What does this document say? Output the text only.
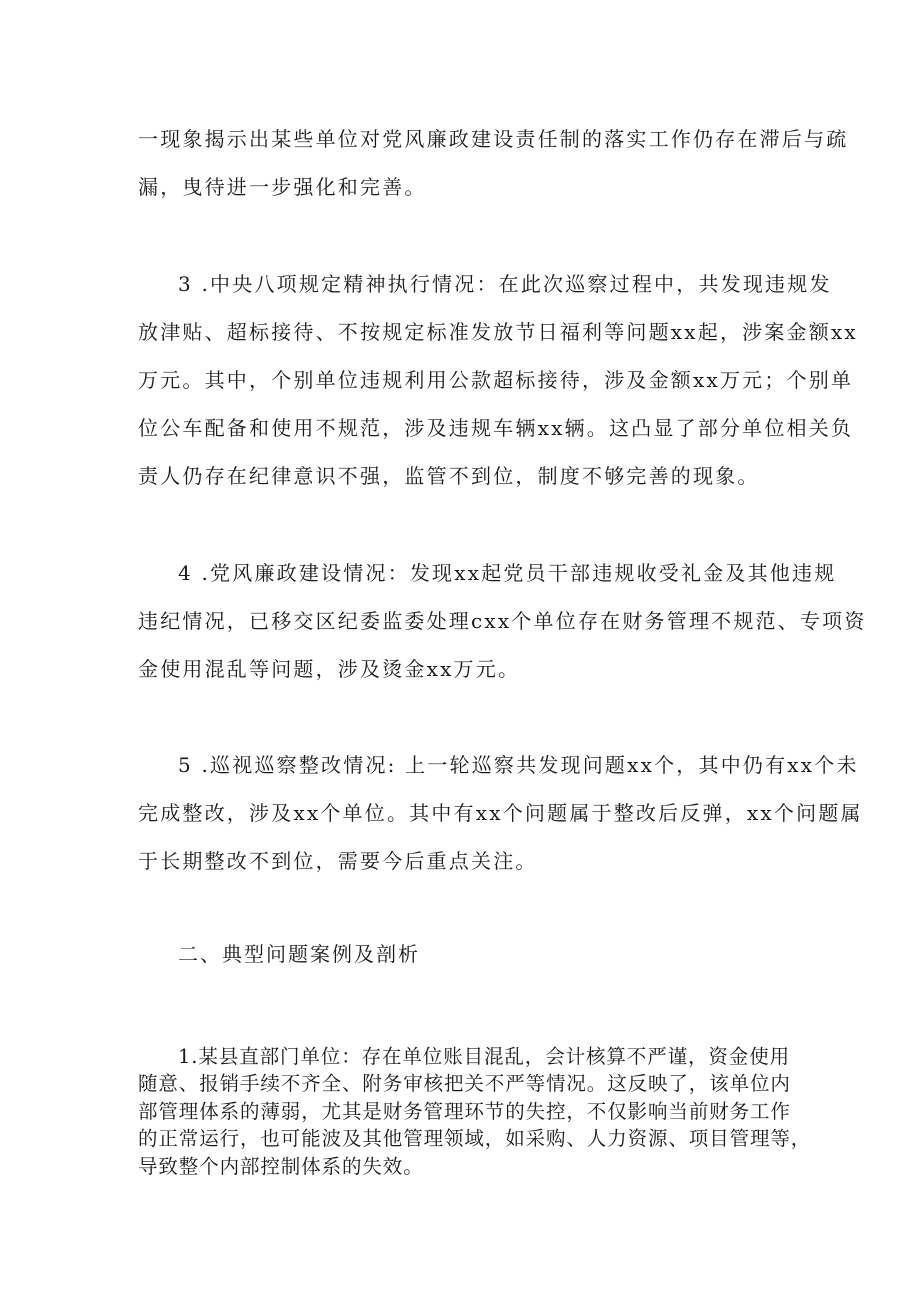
一现象揭示出某些单位对党风廉政建设责任制的落实工作仍存在滞后与疏
漏，曳待进一步强化和完善。
3 .中央八项规定精神执行情况：在此次巡察过程中，共发现违规发
放津贴、超标接待、不按规定标准发放节日福利等问题xx起，涉案金额xx
万元。其中，个别单位违规利用公款超标接待，涉及金额xx万元；个别单
位公车配备和使用不规范，涉及违规车辆xx辆。这凸显了部分单位相关负
责人仍存在纪律意识不强，监管不到位，制度不够完善的现象。
4 .党风廉政建设情况：发现xx起党员干部违规收受礼金及其他违规
违纪情况，已移交区纪委监委处理cxx个单位存在财务管理不规范、专项资
金使用混乱等问题，涉及烫金xx万元。
5 .巡视巡察整改情况: 上一轮巡察共发现问题xx个，其中仍有xx个未
完成整改，涉及xx个单位。其中有xx个问题属于整改后反弹，xx个问题属
于长期整改不到位，需要今后重点关注。
二、典型问题案例及剖析
1.某县直部门单位：存在单位账目混乱，会计核算不严谨，资金使用
随意、报销手续不齐全、附务审核把关不严等情况。这反映了，该单位内
部管理体系的薄弱，尤其是财务管理环节的失控，不仅影响当前财务工作
的正常运行，也可能波及其他管理领域，如采购、人力资源、项目管理等，
导致整个内部控制体系的失效。
